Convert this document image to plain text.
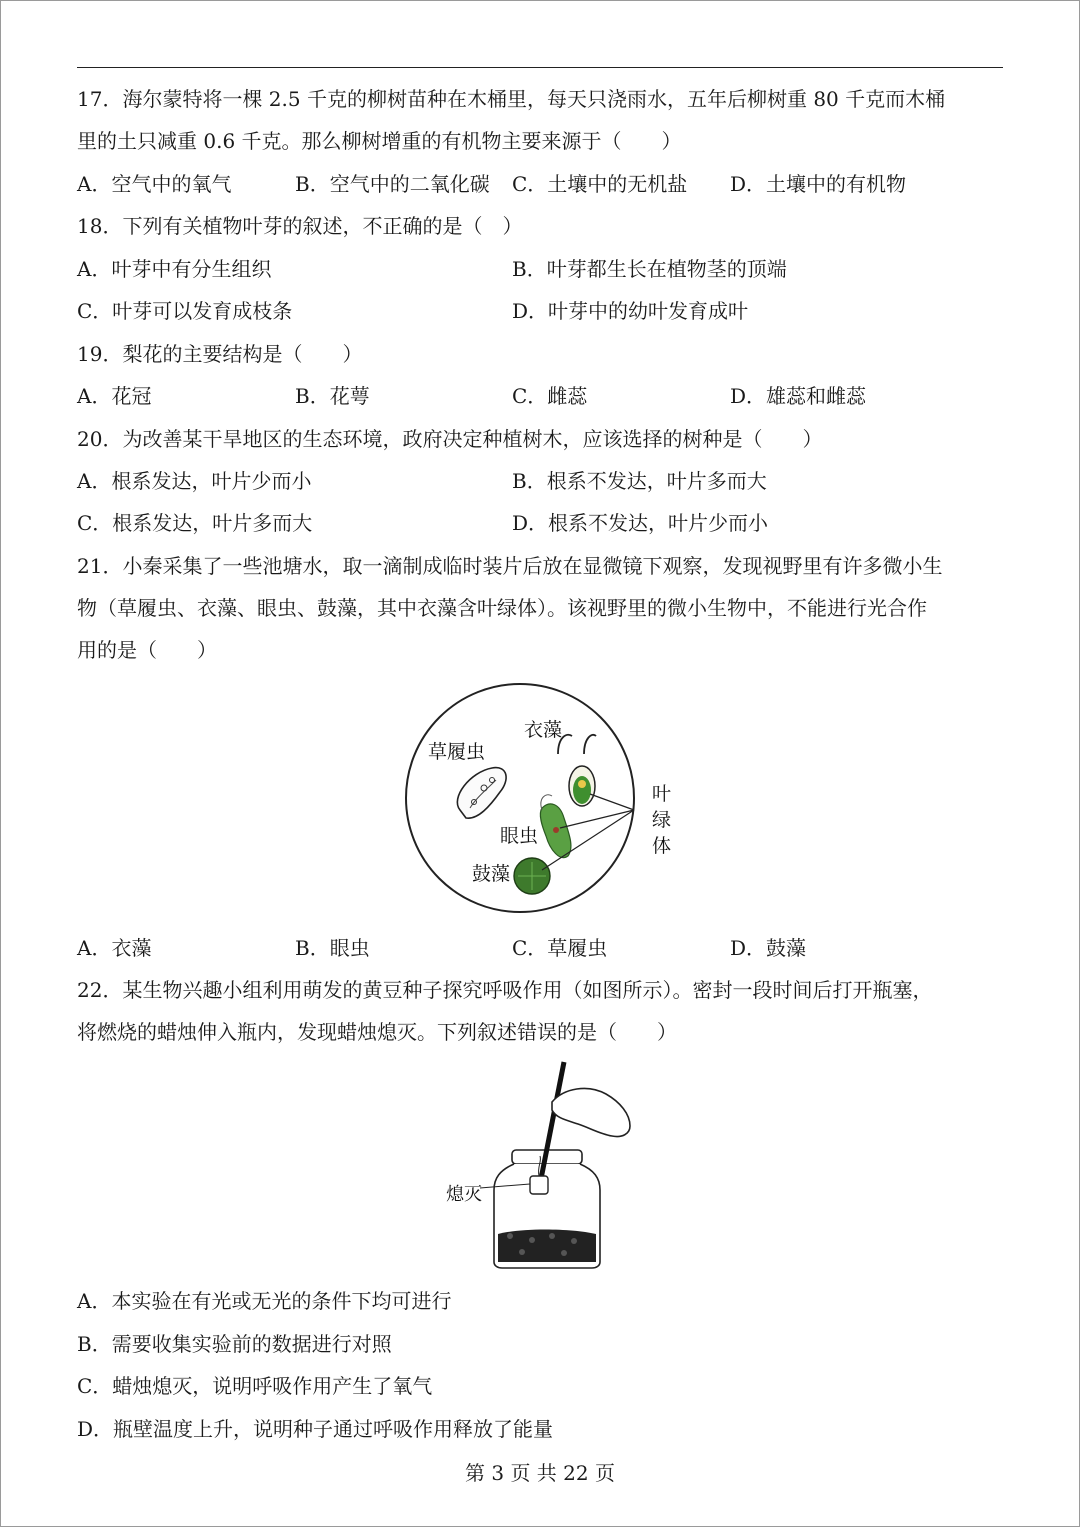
17．海尔蒙特将一棵 2.5 千克的柳树苗种在木桶里，每天只浇雨水，五年后柳树重 80 千克而木桶
里的土只减重 0.6 千克。那么柳树增重的有机物主要来源于（　　）
A．空气中的氧气	B．空气中的二氧化碳 C．土壤中的无机盐 D．土壤中的有机物
18．下列有关植物叶芽的叙述，不正确的是（　）
A．叶芽中有分生组织	B．叶芽都生长在植物茎的顶端
C．叶芽可以发育成枝条	D．叶芽中的幼叶发育成叶
19．梨花的主要结构是（　　）
A．花冠	B．花萼	C．雌蕊	D．雄蕊和雌蕊
20．为改善某干旱地区的生态环境，政府决定种植树木，应该选择的树种是（　　）
A．根系发达，叶片少而小	B．根系不发达，叶片多而大
C．根系发达，叶片多而大	D．根系不发达，叶片少而小
21．小秦采集了一些池塘水，取一滴制成临时装片后放在显微镜下观察，发现视野里有许多微小生
物（草履虫、衣藻、眼虫、鼓藻，其中衣藻含叶绿体）。该视野里的微小生物中，不能进行光合作
用的是（　　）
草履虫
衣藻
眼虫
鼓藻
叶
绿
体
A．衣藻	B．眼虫	C．草履虫	D．鼓藻
22．某生物兴趣小组利用萌发的黄豆种子探究呼吸作用（如图所示）。密封一段时间后打开瓶塞，
将燃烧的蜡烛伸入瓶内，发现蜡烛熄灭。下列叙述错误的是（　　）
熄灭
A．本实验在有光或无光的条件下均可进行
B．需要收集实验前的数据进行对照
C．蜡烛熄灭，说明呼吸作用产生了氧气
D．瓶壁温度上升，说明种子通过呼吸作用释放了能量
第 3 页 共 22 页
